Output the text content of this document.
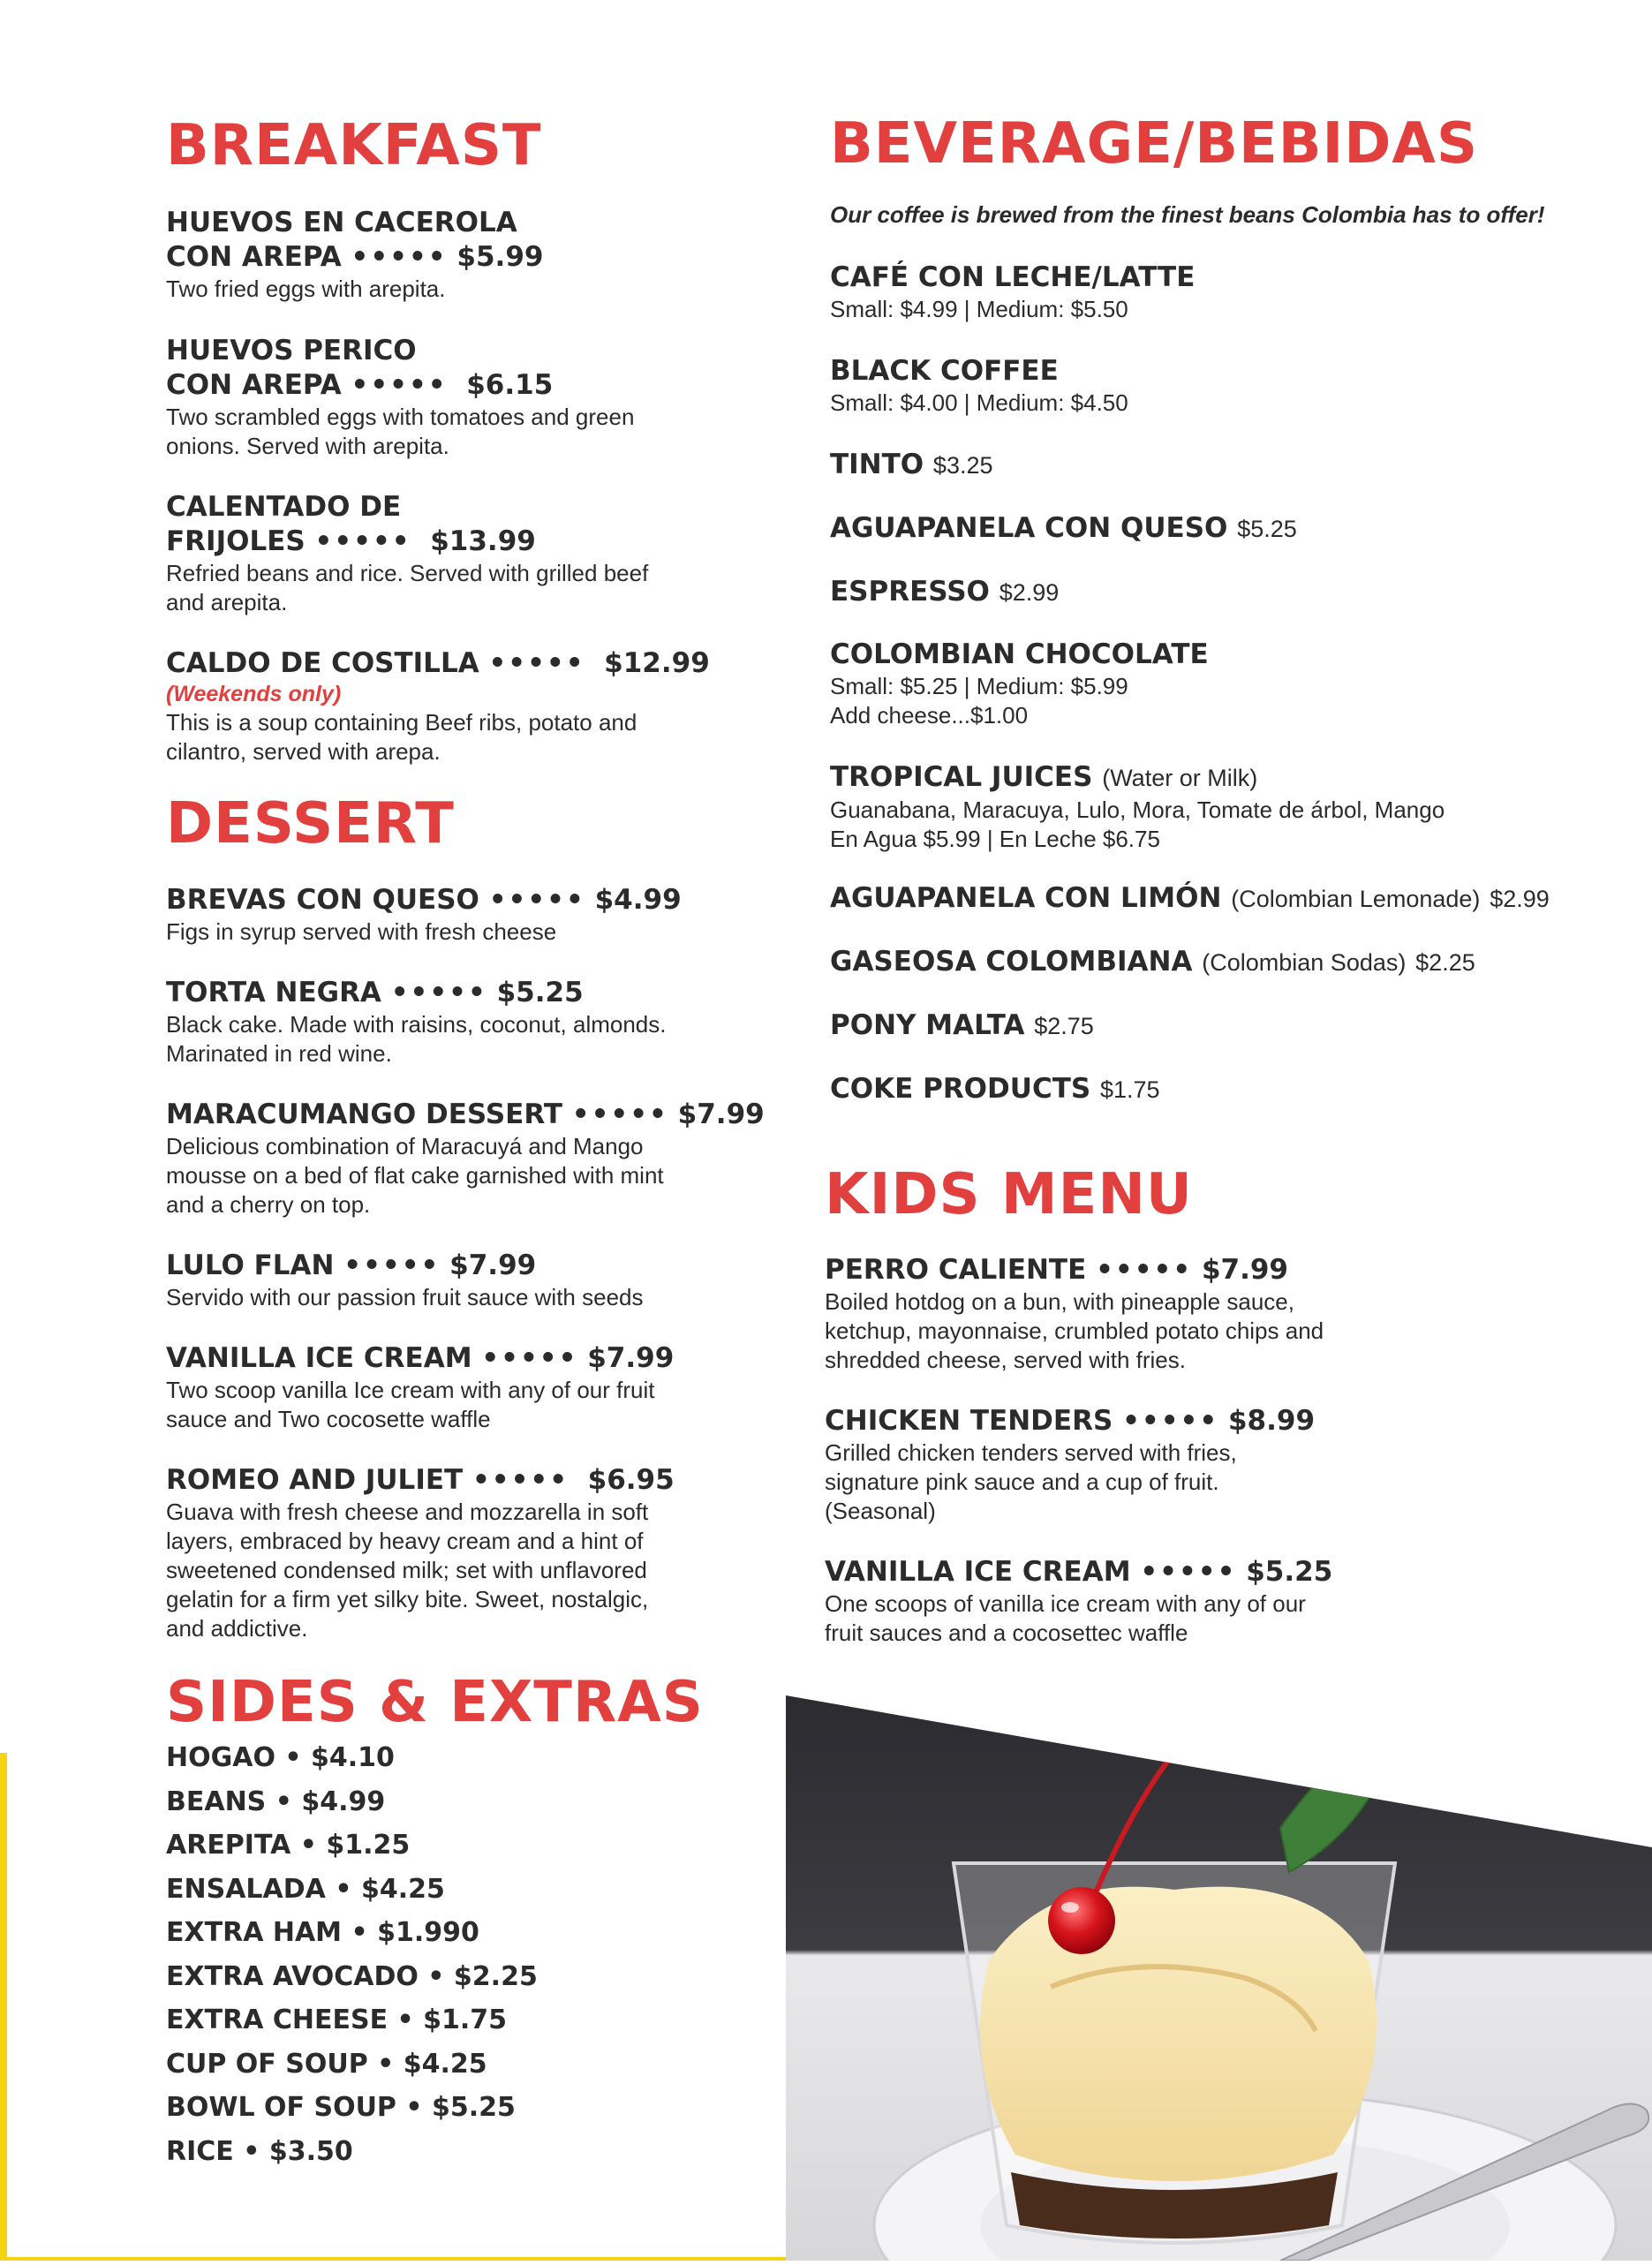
BREAKFAST
HUEVOS EN CACEROLA
CON AREPA ••••• $5.99
Two fried eggs with arepita.
HUEVOS PERICO
CON AREPA ••••• $6.15
Two scrambled eggs with tomatoes and green
onions. Served with arepita.
CALENTADO DE
FRIJOLES ••••• $13.99
Refried beans and rice. Served with grilled beef
and arepita.
CALDO DE COSTILLA ••••• $12.99
(Weekends only)
This is a soup containing Beef ribs, potato and
cilantro, served with arepa.
DESSERT
BREVAS CON QUESO ••••• $4.99
Figs in syrup served with fresh cheese
TORTA NEGRA ••••• $5.25
Black cake. Made with raisins, coconut, almonds.
Marinated in red wine.
MARACUMANGO DESSERT ••••• $7.99
Delicious combination of Maracuyá and Mango
mousse on a bed of flat cake garnished with mint
and a cherry on top.
LULO FLAN ••••• $7.99
Servido with our passion fruit sauce with seeds
VANILLA ICE CREAM ••••• $7.99
Two scoop vanilla Ice cream with any of our fruit
sauce and Two cocosette waffle
ROMEO AND JULIET ••••• $6.95
Guava with fresh cheese and mozzarella in soft
layers, embraced by heavy cream and a hint of
sweetened condensed milk; set with unflavored
gelatin for a firm yet silky bite. Sweet, nostalgic,
and addictive.
SIDES & EXTRAS
HOGAO • $4.10
BEANS • $4.99
AREPITA • $1.25
ENSALADA • $4.25
EXTRA HAM • $1.990
EXTRA AVOCADO • $2.25
EXTRA CHEESE • $1.75
CUP OF SOUP • $4.25
BOWL OF SOUP • $5.25
RICE • $3.50
BEVERAGE/BEBIDAS
Our coffee is brewed from the finest beans Colombia has to offer!
CAFÉ CON LECHE/LATTE
Small: $4.99 | Medium: $5.50
BLACK COFFEE
Small: $4.00 | Medium: $4.50
TINTO $3.25
AGUAPANELA CON QUESO $5.25
ESPRESSO $2.99
COLOMBIAN CHOCOLATE
Small: $5.25 | Medium: $5.99
Add cheese...$1.00
TROPICAL JUICES (Water or Milk)
Guanabana, Maracuya, Lulo, Mora, Tomate de árbol, Mango
En Agua $5.99 | En Leche $6.75
AGUAPANELA CON LIMÓN (Colombian Lemonade) $2.99
GASEOSA COLOMBIANA (Colombian Sodas) $2.25
PONY MALTA $2.75
COKE PRODUCTS $1.75
KIDS MENU
PERRO CALIENTE ••••• $7.99
Boiled hotdog on a bun, with pineapple sauce,
ketchup, mayonnaise, crumbled potato chips and
shredded cheese, served with fries.
CHICKEN TENDERS ••••• $8.99
Grilled chicken tenders served with fries,
signature pink sauce and a cup of fruit.
(Seasonal)
VANILLA ICE CREAM ••••• $5.25
One scoops of vanilla ice cream with any of our
fruit sauces and a cocosettec waffle
